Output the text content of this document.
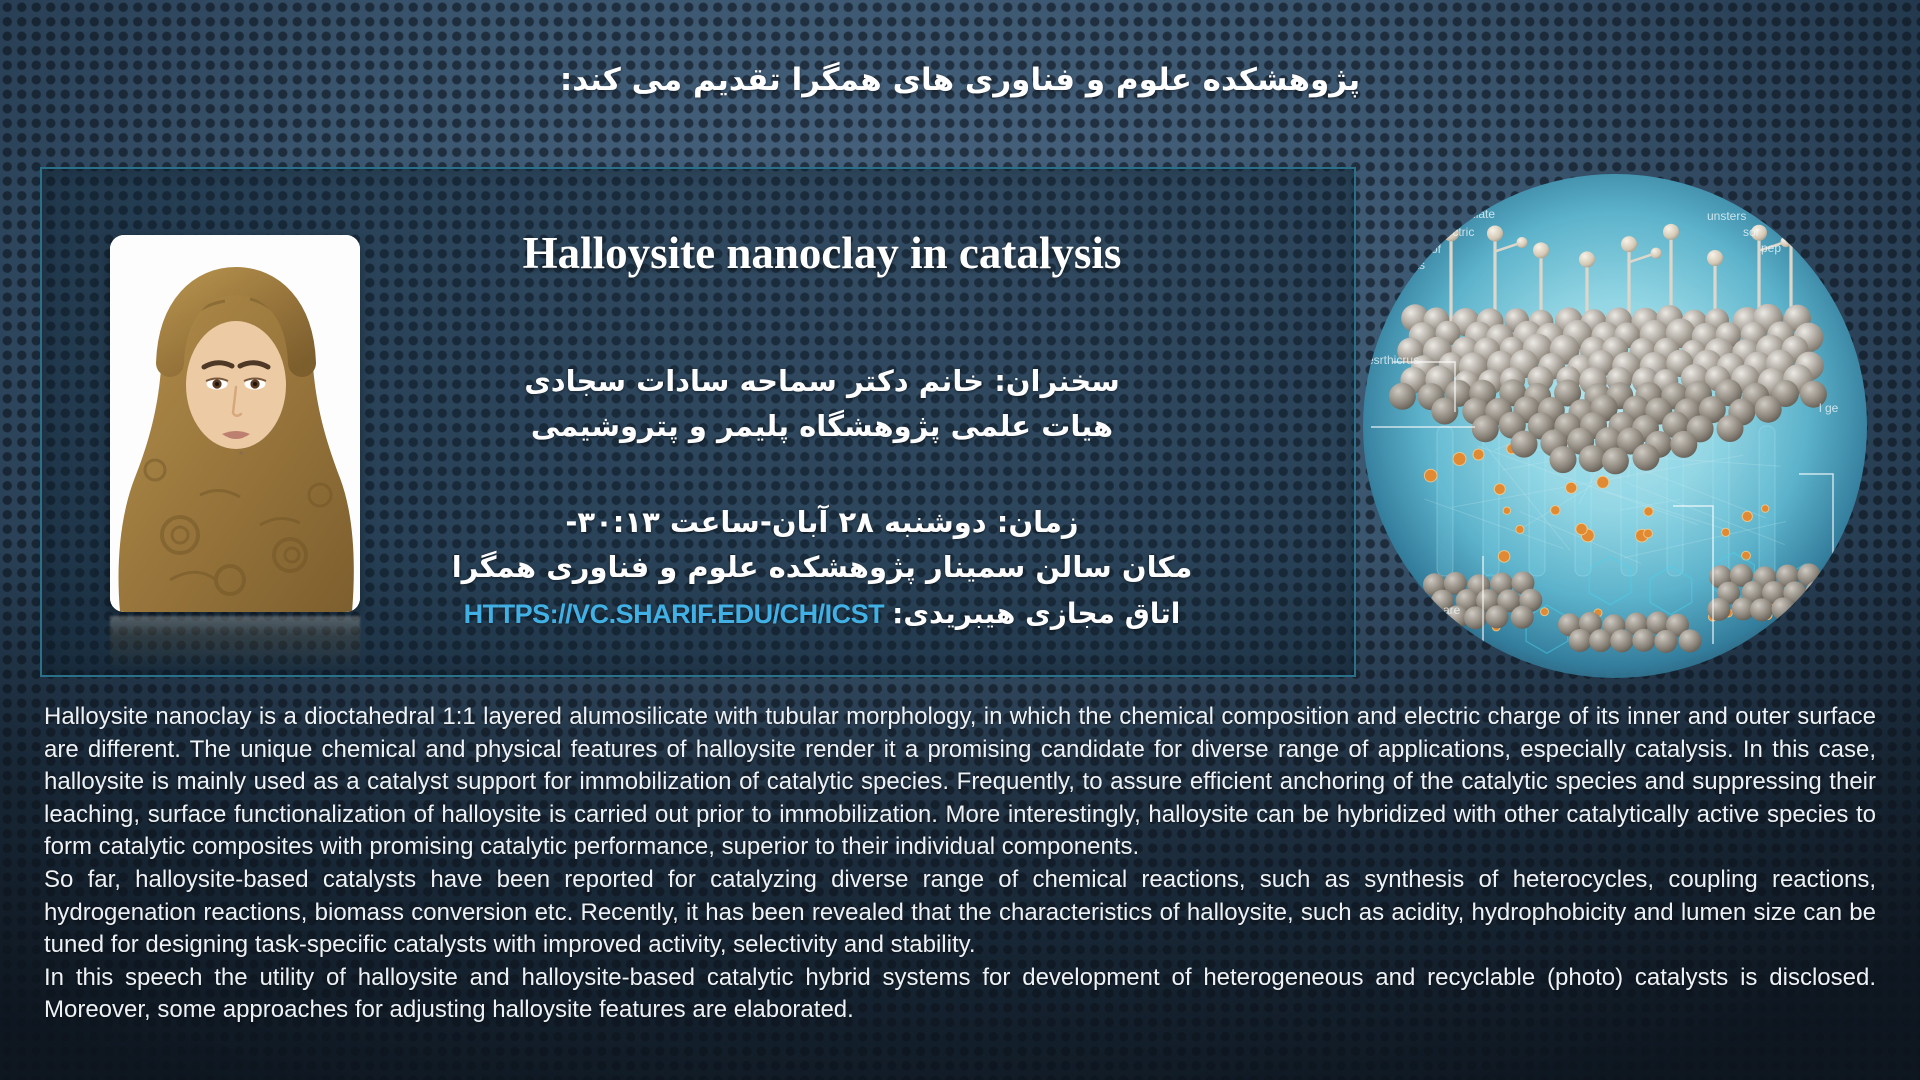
پژوهشکده علوم و فناوری های همگرا تقدیم می کند:
Halloysite nanoclay in catalysis
سخنران: خانم دکتر سماحه سادات سجادی
هیات علمی پژوهشگاه پلیمر و پتروشیمی
زمان: دوشنبه ۲۸ آبان-ساعت ۳۰:۱۳-
مکان سالن سمینار پژوهشکده علوم و فناوری همگرا
اتاق مجازی هیبریدی:HTTPS://VC.SHARIF.EDU/CH/ICST
hosdilate
ers lectric
w of
dias
unsters
sor
pep
esrthicrus
l ge
are

Halloysite nanoclay is a dioctahedral 1:1 layered alumosilicate with tubular morphology, in which the chemical composition and electric charge of its inner and outer surface are different. The unique chemical and physical features of halloysite render it a promising candidate for diverse range of applications, especially catalysis. In this case, halloysite is mainly used as a catalyst support for immobilization of catalytic species. Frequently, to assure efficient anchoring of the catalytic species and suppressing their leaching, surface functionalization of halloysite is carried out prior to immobilization. More interestingly, halloysite can be hybridized with other catalytically active species to form catalytic composites with promising catalytic performance, superior to their individual components.

So far, halloysite-based catalysts have been reported for catalyzing diverse range of chemical reactions, such as synthesis of heterocycles, coupling reactions, hydrogenation reactions, biomass conversion etc. Recently, it has been revealed that the characteristics of halloysite, such as acidity, hydrophobicity and lumen size can be tuned for designing task-specific catalysts with improved activity, selectivity and stability.

In this speech the utility of halloysite and halloysite-based catalytic hybrid systems for development of heterogeneous and recyclable (photo) catalysts is disclosed. Moreover, some approaches for adjusting halloysite features are elaborated.
